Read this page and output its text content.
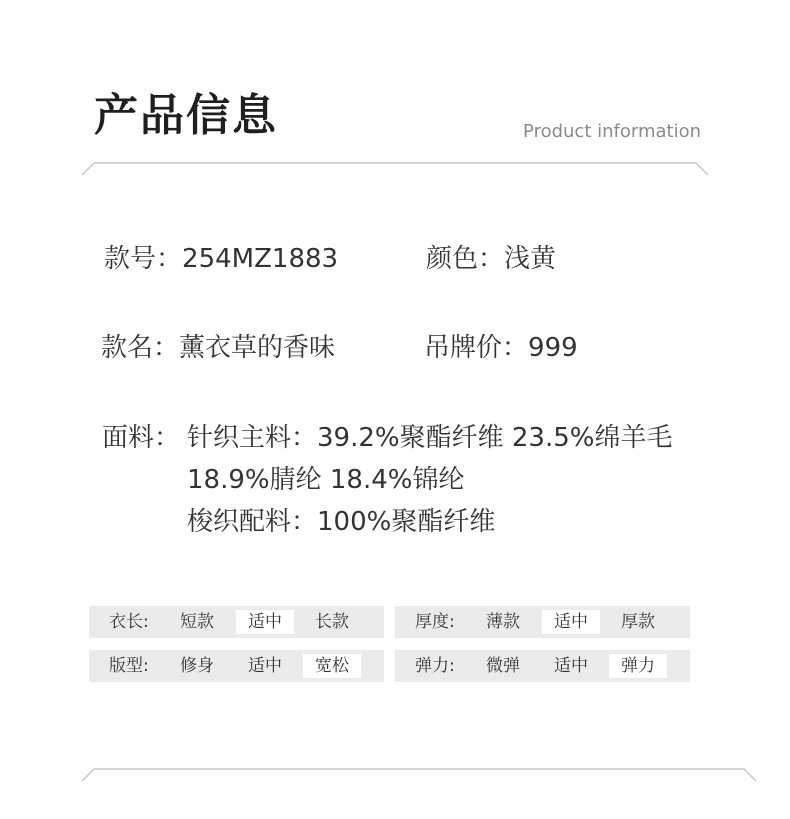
产品信息	Product information
款号：254MZ1883	颜色：浅黄
款名：薰衣草的香味	吊牌价：999
面料： 针织主料：39.2%聚酯纤维 23.5%绵羊毛
18.9%腈纶 18.4%锦纶
梭织配料：100%聚酯纤维
衣长:	短款	适中	长款	厚度:	薄款	适中	厚款
版型:	修身	适中	宽松	弹力:	微弹	适中	弹力
